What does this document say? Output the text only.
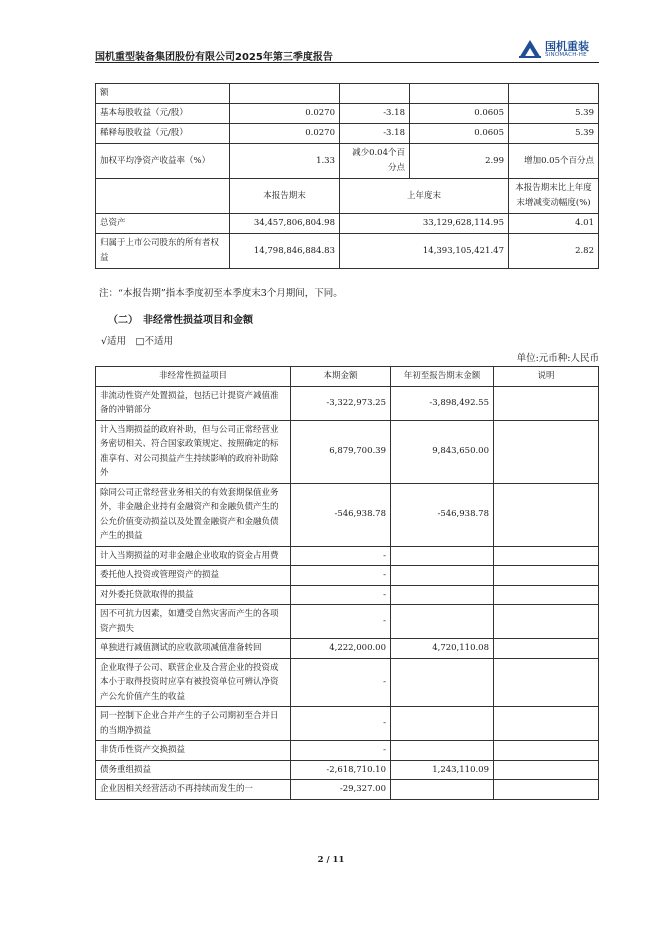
国机重型装备集团股份有限公司2025年第三季度报告
国机重装
SINOMACH-HE
额				
基本每股收益（元/股）	0.0270	-3.18	0.0605	5.39
稀释每股收益（元/股）	0.0270	-3.18	0.0605	5.39
加权平均净资产收益率（%）	1.33	减少0.04个百分点	2.99	增加0.05个百分点
	本报告期末	上年度末		本报告期末比上年度末增减变动幅度(%)
总资产	34,457,806,804.98	33,129,628,114.95		4.01
归属于上市公司股东的所有者权益	14,798,846,884.83	14,393,105,421.47		2.82
注：“本报告期”指本季度初至本季度末3个月期间，下同。
（二）　非经常性损益项目和金额
√适用　□不适用
单位:元币种:人民币
非经常性损益项目	本期金额	年初至报告期末金额	说明
非流动性资产处置损益，包括已计提资产减值准备的冲销部分	-3,322,973.25	-3,898,492.55	
计入当期损益的政府补助，但与公司正常经营业务密切相关、符合国家政策规定、按照确定的标准享有、对公司损益产生持续影响的政府补助除外	6,879,700.39	9,843,650.00	
除同公司正常经营业务相关的有效套期保值业务外，非金融企业持有金融资产和金融负债产生的公允价值变动损益以及处置金融资产和金融负债产生的损益	-546,938.78	-546,938.78	
计入当期损益的对非金融企业收取的资金占用费	-		
委托他人投资或管理资产的损益	-		
对外委托贷款取得的损益	-		
因不可抗力因素，如遭受自然灾害而产生的各项资产损失	-		
单独进行减值测试的应收款项减值准备转回	4,222,000.00	4,720,110.08	
企业取得子公司、联营企业及合营企业的投资成本小于取得投资时应享有被投资单位可辨认净资产公允价值产生的收益	-		
同一控制下企业合并产生的子公司期初至合并日的当期净损益	-		
非货币性资产交换损益	-		
债务重组损益	-2,618,710.10	1,243,110.09	
企业因相关经营活动不再持续而发生的一	-29,327.00		
2 / 11
